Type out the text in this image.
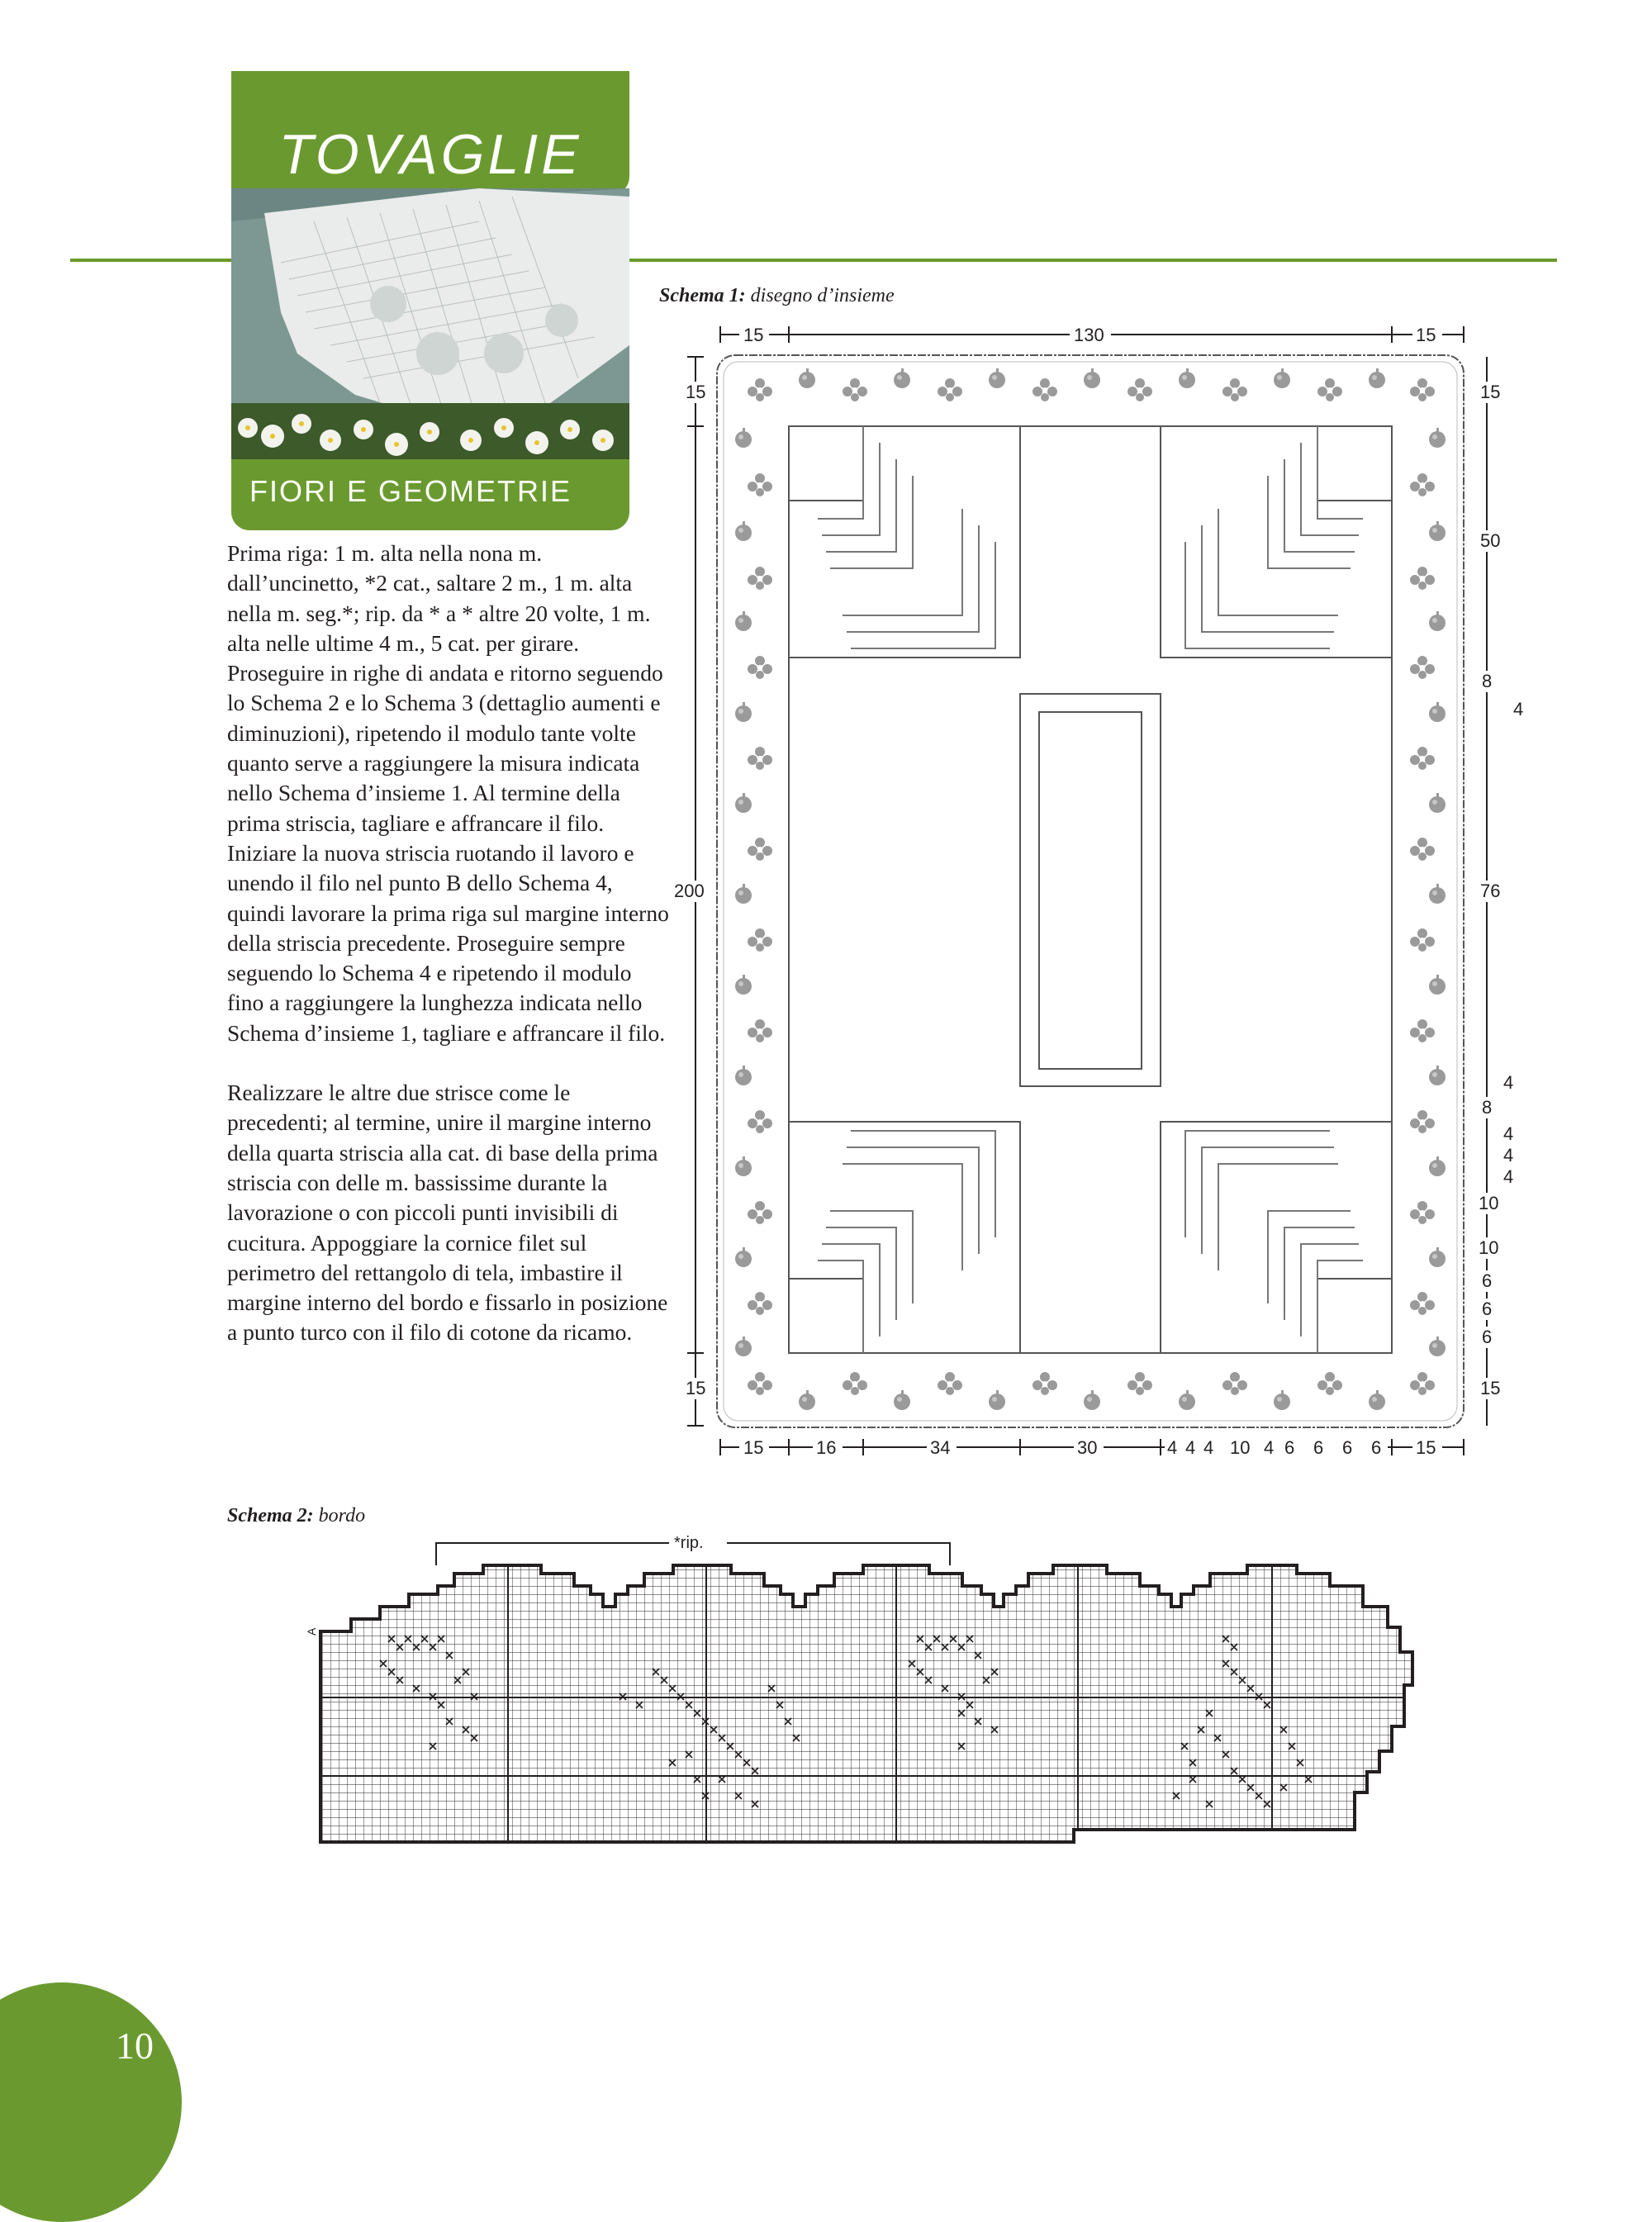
TOVAGLIE
FIORI E GEOMETRIE

Prima riga: 1 m. alta nella nona m. dall’uncinetto, *2 cat., saltare 2 m., 1 m. alta nella m. seg.*; rip. da * a * altre 20 volte, 1 m. alta nelle ultime 4 m., 5 cat. per girare. Proseguire in righe di andata e ritorno seguendo lo Schema 2 e lo Schema 3 (dettaglio aumenti e diminuzioni), ripetendo il modulo tante volte quanto serve a raggiungere la misura indicata nello Schema d’insieme 1. Al termine della prima striscia, tagliare e affrancare il filo. Iniziare la nuova striscia ruotando il lavoro e unendo il filo nel punto B dello Schema 4, quindi lavorare la prima riga sul margine interno della striscia precedente. Proseguire sempre seguendo lo Schema 4 e ripetendo il modulo fino a raggiungere la lunghezza indicata nello Schema d’insieme 1, tagliare e affrancare il filo.

Realizzare le altre due strisce come le precedenti; al termine, unire il margine interno della quarta striscia alla cat. di base della prima striscia con delle m. bassissime durante la lavorazione o con piccoli punti invisibili di cucitura. Appoggiare la cornice filet sul perimetro del rettangolo di tela, imbastire il margine interno del bordo e fissarlo in posizione a punto turco con il filo di cotone da ricamo.

Schema 1: disegno d’insieme
15	130	15
15
200
15
15
50
8
4
76
4
8
4
4
4
10
10
6
6
6
15
15	16	34	30	4 4 4 10 4 6 6 6 6 15
Schema 2: bordo
*rip.
A
10
